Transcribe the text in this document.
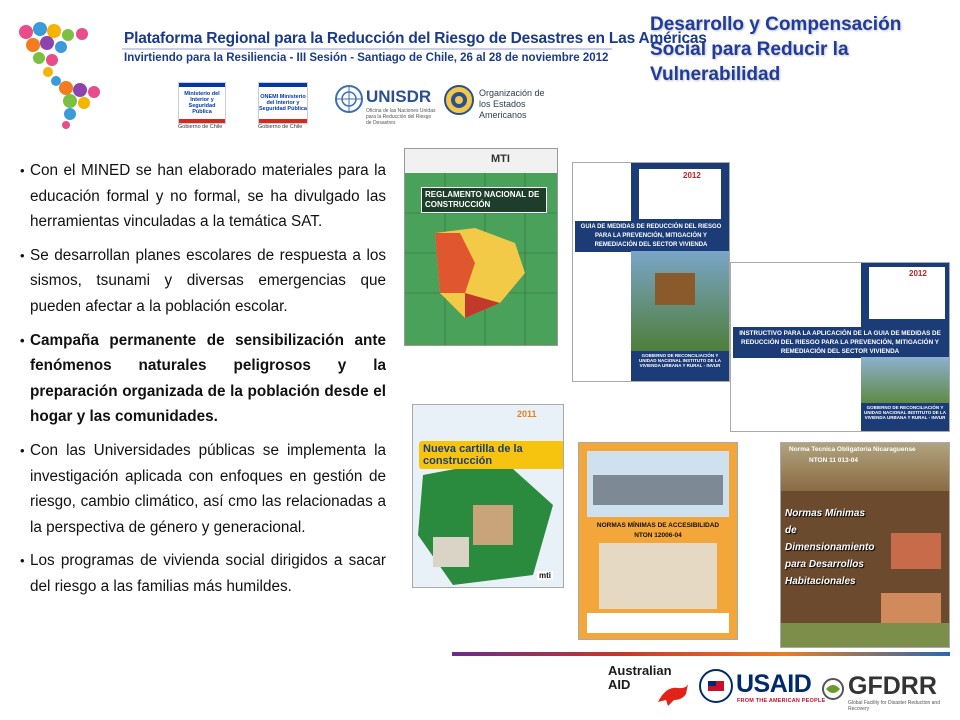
Plataforma Regional para la Reducción del Riesgo de Desastres en Las Américas
Invirtiendo para la Resiliencia - III Sesión - Santiago de Chile, 26 al 28 de noviembre 2012
Ministerio del Interior y Seguridad Pública
Gobierno de Chile
ONEMI Ministerio del Interior y Seguridad Pública
Gobierno de Chile
UNISDR
Oficina de las Naciones Unidas para la Reducción del Riesgo de Desastres
Organización de los Estados Americanos
Desarrollo y Compensación Social para Reducir la Vulnerabilidad
• Con el MINED se han elaborado materiales para la educación formal y no formal, se ha divulgado las herramientas vinculadas a la temática SAT.
• Se desarrollan planes escolares de respuesta a los sismos, tsunami y diversas emergencias que pueden afectar a la población escolar.
• Campaña permanente de sensibilización ante fenómenos naturales peligrosos y la preparación organizada de la población desde el hogar y las comunidades.
• Con las Universidades públicas se implementa la investigación aplicada con enfoques en gestión de riesgo, cambio climático, así cmo las relacionadas a la perspectiva de género y generacional.
• Los programas de vivienda social dirigidos a sacar del riesgo a las familias más humildes.
MTI
REGLAMENTO NACIONAL DE CONSTRUCCIÓN
2012
GUIA DE MEDIDAS DE REDUCCIÓN DEL RIESGO PARA LA PREVENCIÓN, MITIGACIÓN Y REMEDIACIÓN DEL SECTOR VIVIENDA
GOBIERNO DE RECONCILIACIÓN Y UNIDAD NACIONAL INSTITUTO DE LA VIVIENDA URBANA Y RURAL - INVUR
2012
INSTRUCTIVO PARA LA APLICACIÓN DE LA GUIA DE MEDIDAS DE REDUCCIÓN DEL RIESGO PARA LA PREVENCIÓN, MITIGACIÓN Y REMEDIACIÓN DEL SECTOR VIVIENDA
GOBIERNO DE RECONCILIACIÓN Y UNIDAD NACIONAL INSTITUTO DE LA VIVIENDA URBANA Y RURAL - INVUR
2011
Nueva cartilla de la construcción
mti
NORMAS MÍNIMAS DE ACCESIBILIDAD
NTON 12006-04
Norma Tecnica Obligatoria Nicaraguense
NTON 11 013-04
Normas Mínimas de Dimensionamiento para Desarrollos Habitacionales
Australian AID	USAID
FROM THE AMERICAN PEOPLE
GFDRR
Global Facility for Disaster Reduction and Recovery
